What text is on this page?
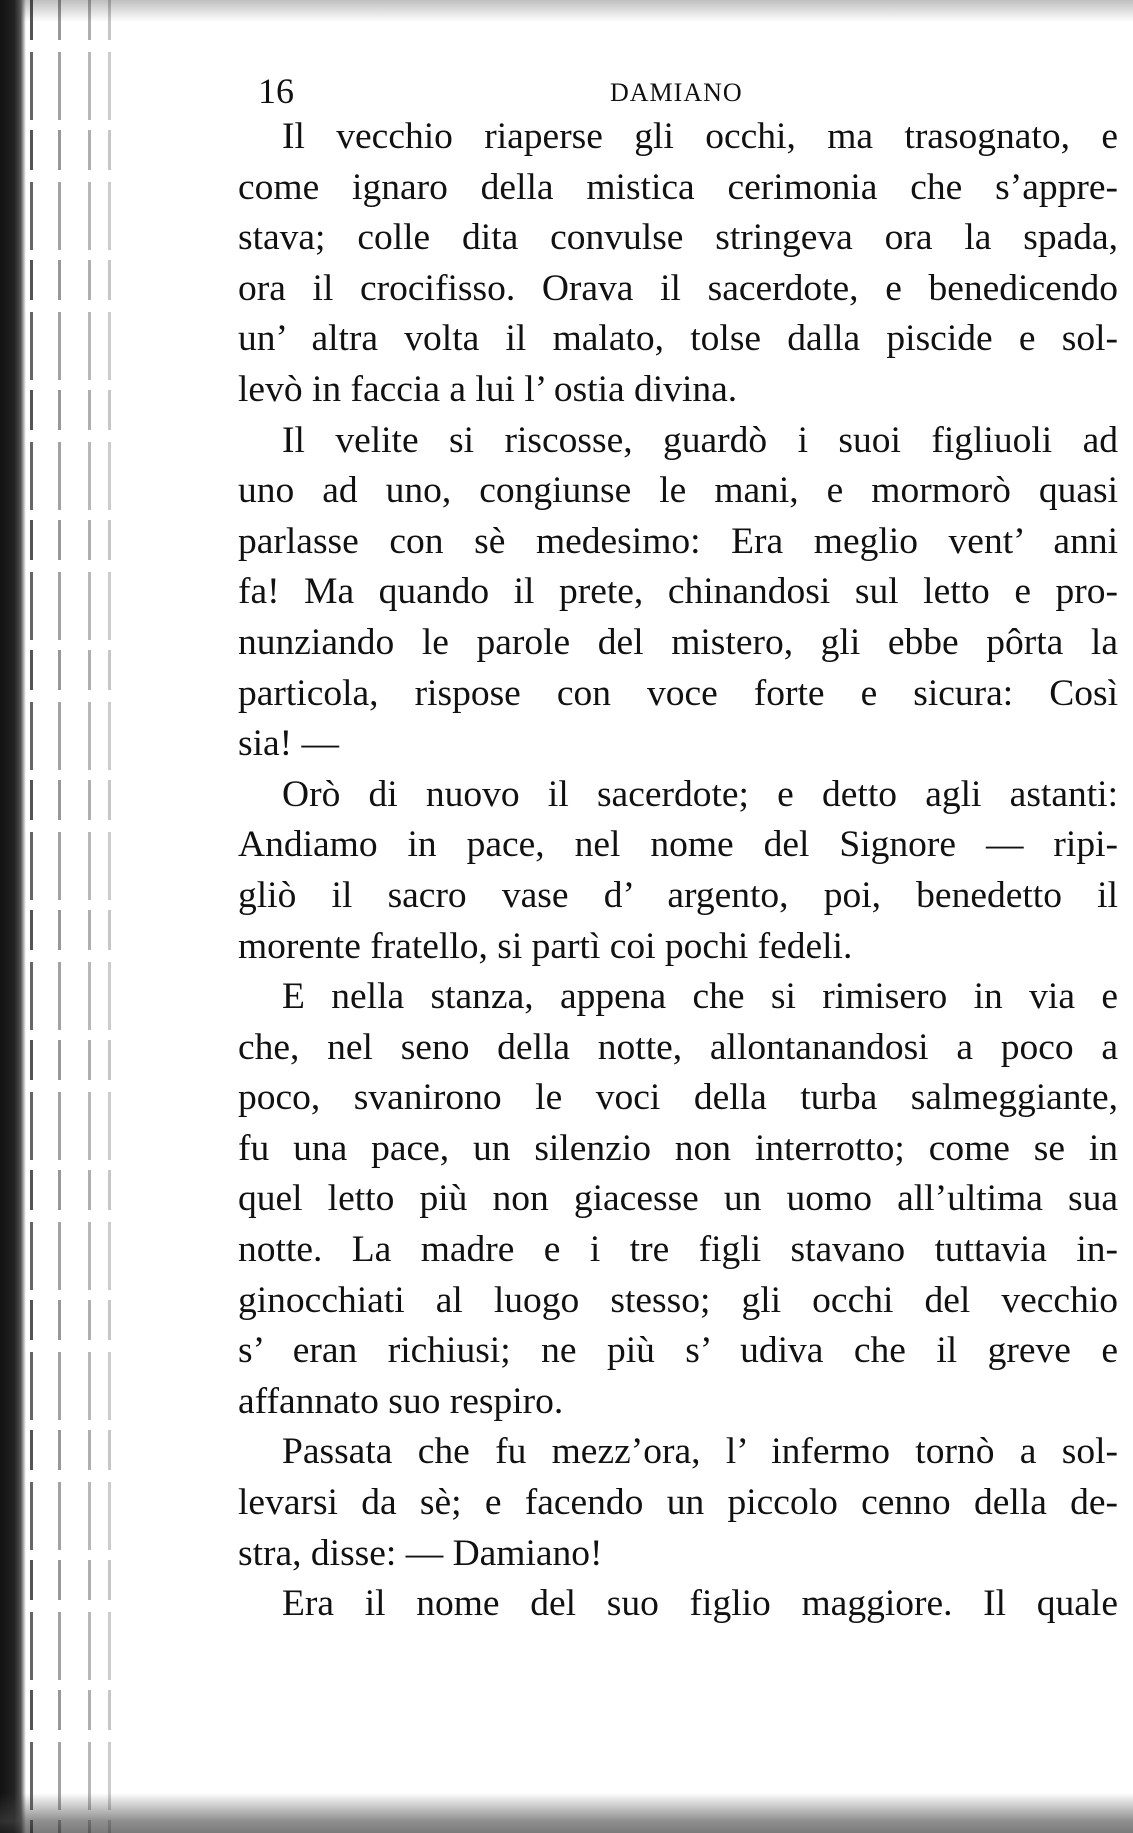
16	DAMIANO
Il vecchio riaperse gli occhi, ma trasognato, e
come ignaro della mistica cerimonia che s’appre-
stava; colle dita convulse stringeva ora la spada,
ora il crocifisso. Orava il sacerdote, e benedicendo
un’ altra volta il malato, tolse dalla piscide e sol-
levò in faccia a lui l’ ostia divina.
Il velite si riscosse, guardò i suoi figliuoli ad
uno ad uno, congiunse le mani, e mormorò quasi
parlasse con sè medesimo: Era meglio vent’ anni
fa! Ma quando il prete, chinandosi sul letto e pro-
nunziando le parole del mistero, gli ebbe pôrta la
particola, rispose con voce forte e sicura: Così
sia! —
Orò di nuovo il sacerdote; e detto agli astanti:
Andiamo in pace, nel nome del Signore — ripi-
gliò il sacro vase d’ argento, poi, benedetto il
morente fratello, si partì coi pochi fedeli.
E nella stanza, appena che si rimisero in via e
che, nel seno della notte, allontanandosi a poco a
poco, svanirono le voci della turba salmeggiante,
fu una pace, un silenzio non interrotto; come se in
quel letto più non giacesse un uomo all’ultima sua
notte. La madre e i tre figli stavano tuttavia in-
ginocchiati al luogo stesso; gli occhi del vecchio
s’ eran richiusi; ne più s’ udiva che il greve e
affannato suo respiro.
Passata che fu mezz’ora, l’ infermo tornò a sol-
levarsi da sè; e facendo un piccolo cenno della de-
stra, disse: — Damiano!
Era il nome del suo figlio maggiore. Il quale
